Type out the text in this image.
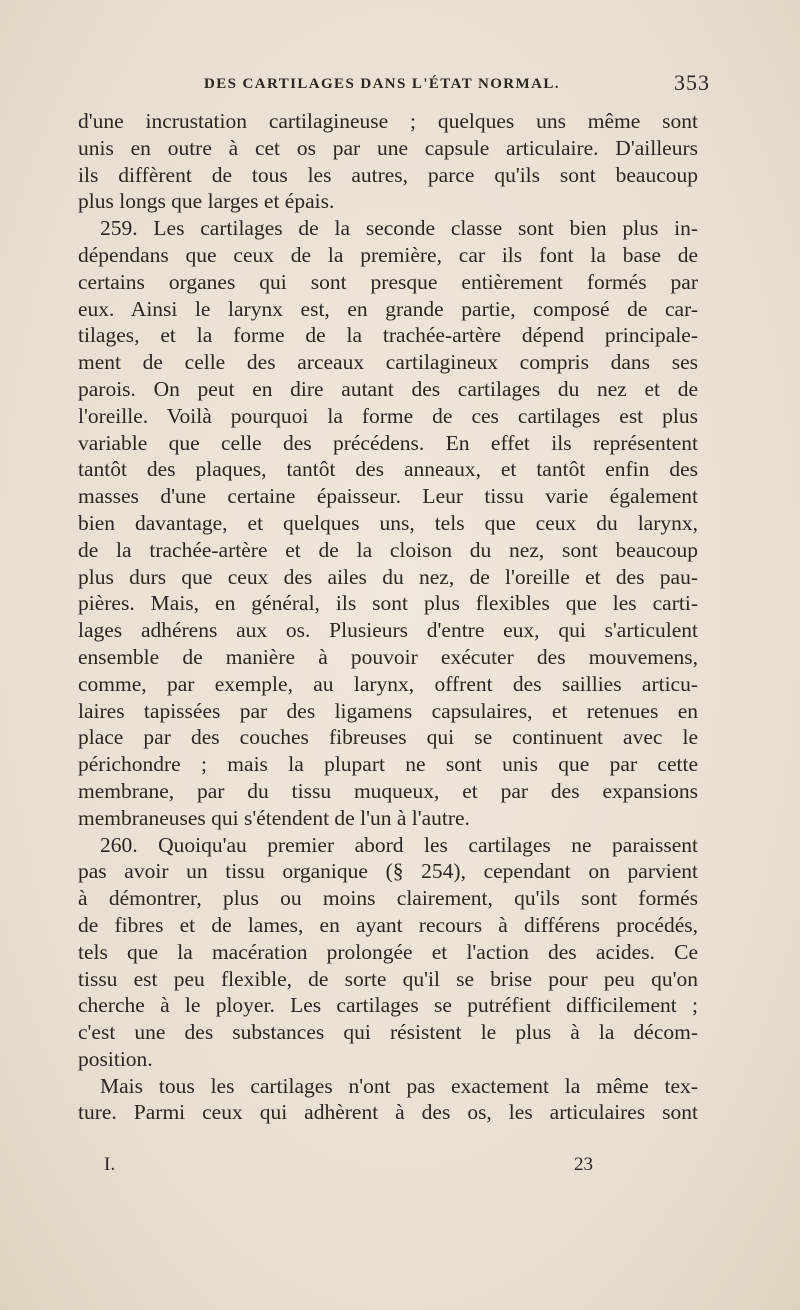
DES CARTILAGES DANS L'ÉTAT NORMAL.	353
d'une incrustation cartilagineuse ; quelques uns même sont
unis en outre à cet os par une capsule articulaire. D'ailleurs
ils diffèrent de tous les autres, parce qu'ils sont beaucoup
plus longs que larges et épais.
259. Les cartilages de la seconde classe sont bien plus in-
dépendans que ceux de la première, car ils font la base de
certains organes qui sont presque entièrement formés par
eux. Ainsi le larynx est, en grande partie, composé de car-
tilages, et la forme de la trachée-artère dépend principale-
ment de celle des arceaux cartilagineux compris dans ses
parois. On peut en dire autant des cartilages du nez et de
l'oreille. Voilà pourquoi la forme de ces cartilages est plus
variable que celle des précédens. En effet ils représentent
tantôt des plaques, tantôt des anneaux, et tantôt enfin des
masses d'une certaine épaisseur. Leur tissu varie également
bien davantage, et quelques uns, tels que ceux du larynx,
de la trachée-artère et de la cloison du nez, sont beaucoup
plus durs que ceux des ailes du nez, de l'oreille et des pau-
pières. Mais, en général, ils sont plus flexibles que les carti-
lages adhérens aux os. Plusieurs d'entre eux, qui s'articulent
ensemble de manière à pouvoir exécuter des mouvemens,
comme, par exemple, au larynx, offrent des saillies articu-
laires tapissées par des ligamens capsulaires, et retenues en
place par des couches fibreuses qui se continuent avec le
périchondre ; mais la plupart ne sont unis que par cette
membrane, par du tissu muqueux, et par des expansions
membraneuses qui s'étendent de l'un à l'autre.
260. Quoiqu'au premier abord les cartilages ne paraissent
pas avoir un tissu organique (§ 254), cependant on parvient
à démontrer, plus ou moins clairement, qu'ils sont formés
de fibres et de lames, en ayant recours à différens procédés,
tels que la macération prolongée et l'action des acides. Ce
tissu est peu flexible, de sorte qu'il se brise pour peu qu'on
cherche à le ployer. Les cartilages se putréfient difficilement ;
c'est une des substances qui résistent le plus à la décom-
position.
Mais tous les cartilages n'ont pas exactement la même tex-
ture. Parmi ceux qui adhèrent à des os, les articulaires sont
I.	23
